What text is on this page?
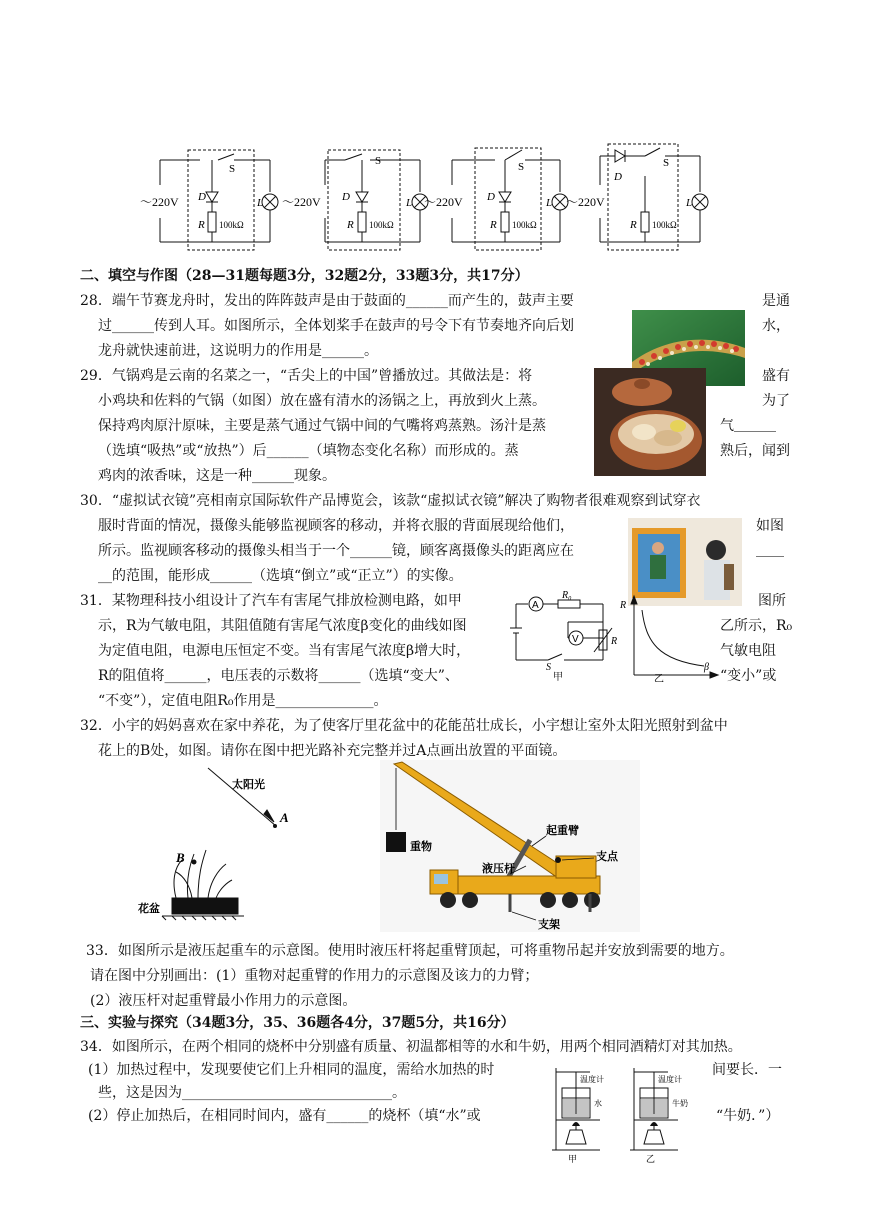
～220V
S
D
R 100kΩ
L ～220V
S
D
R 100kΩ
L ～220V
S
D
R 100kΩ
L ～220V
S
D
R 100kΩ
L
二、填空与作图（28—31题每题3分，32题2分，33题3分，共17分）
28．端午节赛龙舟时，发出的阵阵鼓声是由于鼓面的______而产生的，鼓声主要	是通
过______传到人耳。如图所示，全体划桨手在鼓声的号令下有节奏地齐向后划	水，
龙舟就快速前进，这说明力的作用是______。
29．气锅鸡是云南的名菜之一，“舌尖上的中国”曾播放过。其做法是：将	盛有
小鸡块和佐料的气锅（如图）放在盛有清水的汤锅之上，再放到火上蒸。	为了
保持鸡肉原汁原味，主要是蒸气通过气锅中间的气嘴将鸡蒸熟。汤汁是蒸	气＿＿＿
（选填“吸热”或“放热”）后______（填物态变化名称）而形成的。蒸	熟后，闻到
鸡肉的浓香味，这是一种______现象。
30．“虚拟试衣镜”亮相南京国际软件产品博览会，该款“虚拟试衣镜”解决了购物者很难观察到试穿衣
服时背面的情况，摄像头能够监视顾客的移动，并将衣服的背面展现给他们，	如图
所示。监视顾客移动的摄像头相当于一个______镜，顾客离摄像头的距离应在	＿＿
__的范围，能形成______（选填“倒立”或“正立”）的实像。
31．某物理科技小组设计了汽车有害尾气排放检测电路，如甲	图所
示，R为气敏电阻，其阻值随有害尾气浓度β变化的曲线如图	乙所示，R₀
为定值电阻，电源电压恒定不变。当有害尾气浓度β增大时，	气敏电阻
R的阻值将______，电压表的示数将______（选填“变大”、	“变小”或
“不变”），定值电阻R₀作用是______________。
A
R₀
V	R
S
甲	乙
R
β
32．小宇的妈妈喜欢在家中养花，为了使客厅里花盆中的花能茁壮成长，小宇想让室外太阳光照射到盆中
花上的B处，如图。请你在图中把光路补充完整并过A点画出放置的平面镜。
太阳光
A
B
花盆
起重臂
支点
重物
液压杆
支架
33．如图所示是液压起重车的示意图。使用时液压杆将起重臂顶起，可将重物吊起并安放到需要的地方。
请在图中分别画出：(1）重物对起重臂的作用力的示意图及该力的力臂；
(2）液压杆对起重臂最小作用力的示意图。
三、实验与探究（34题3分，35、36题各4分，37题5分，共16分）
34．如图所示，在两个相同的烧杯中分别盛有质量、初温都相等的水和牛奶，用两个相同酒精灯对其加热。
(1）加热过程中，发现要使它们上升相同的温度，需给水加热的时	间要长．一
些，这是因为______________________________。
(2）停止加热后，在相同时间内，盛有______的烧杯（填“水”或	“牛奶．”）
温度计
水
温度计
牛奶
甲	乙
